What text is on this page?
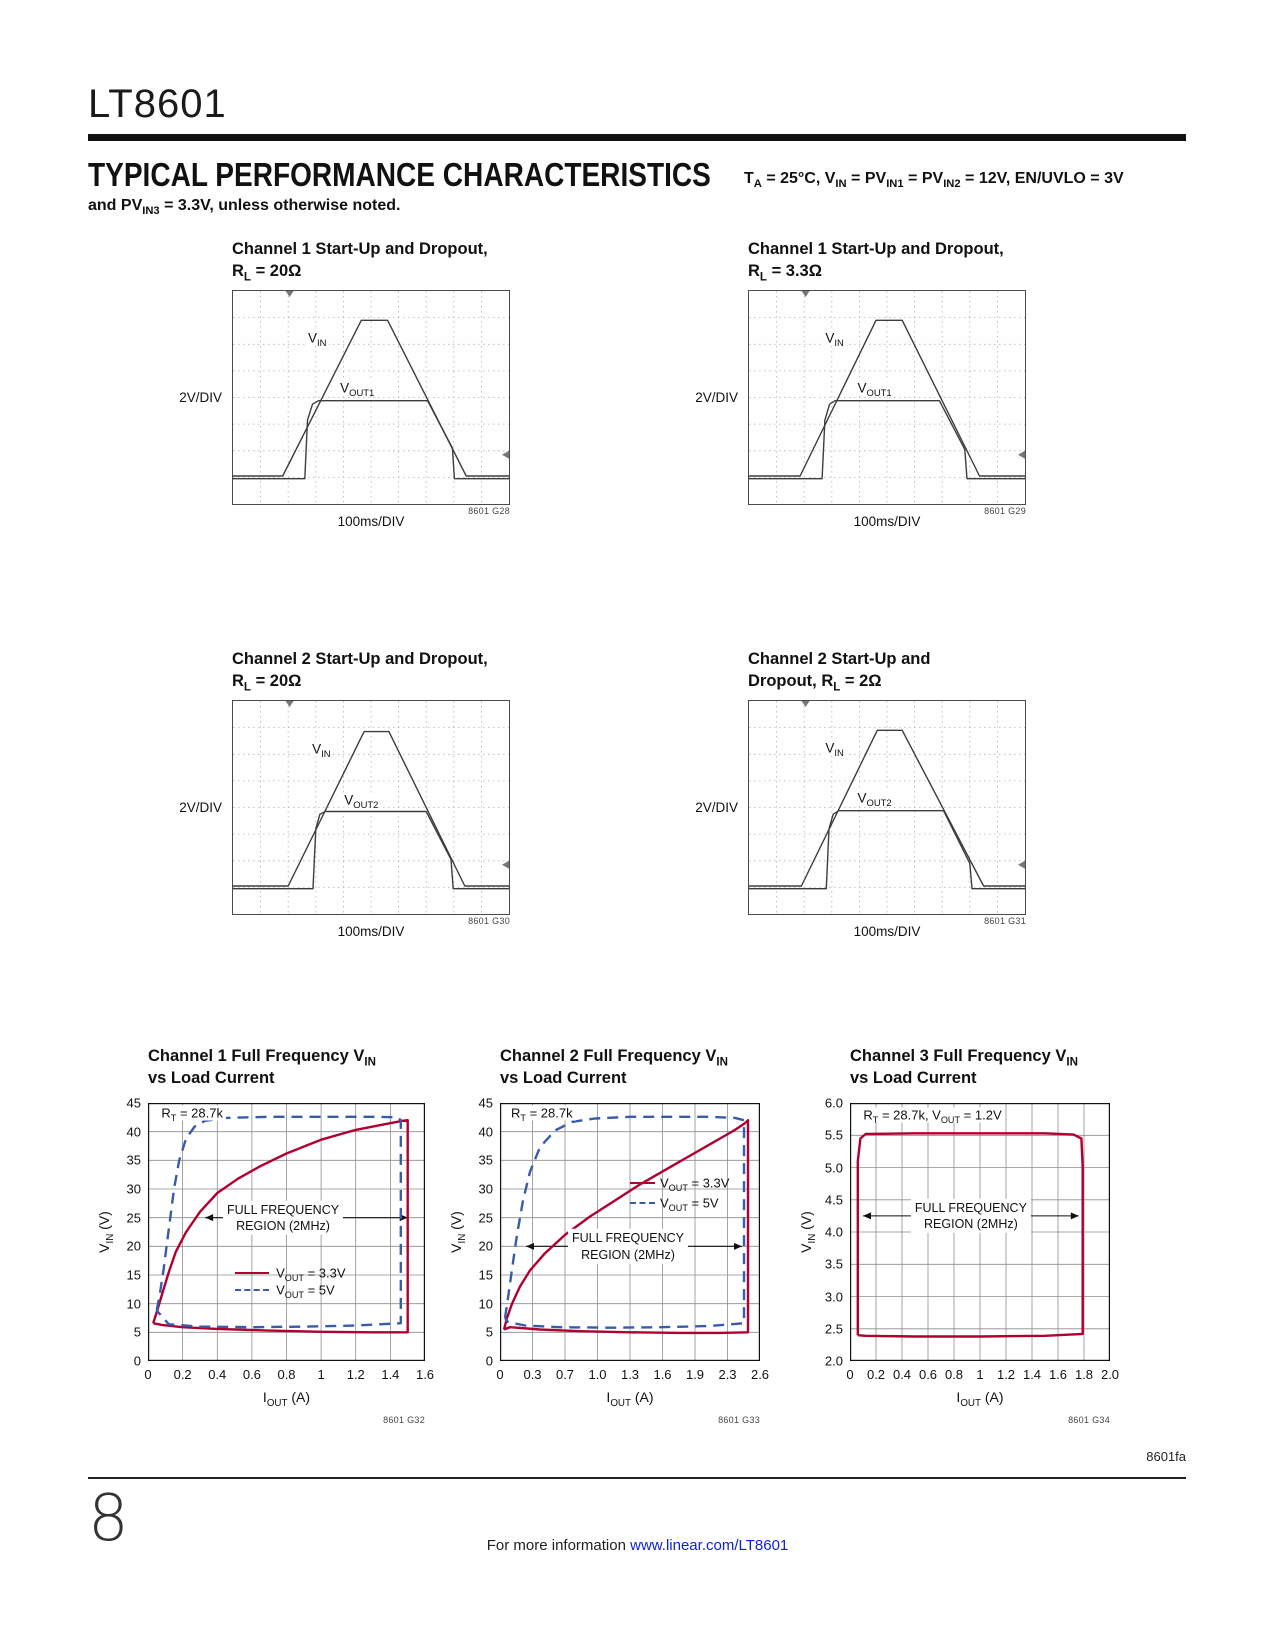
LT8601
TYPICAL PERFORMANCE CHARACTERISTICS $T_A = 25^\circ C$, $V_{IN} = PV_{IN1} = PV_{IN2} = 12V$, EN/UVLO = 3V
and $PV_{IN3} = 3.3V$, unless otherwise noted.
Channel 1 Start-Up and Dropout,
$R_L = 20\Omega$
$V_{IN}$
$V_{OUT1}$
2V/DIV
8601 G28
100ms/DIV
Channel 1 Start-Up and Dropout,
$R_L = 3.3\Omega$
$V_{IN}$
$V_{OUT1}$
2V/DIV
8601 G29
100ms/DIV
Channel 2 Start-Up and Dropout,
$R_L = 20\Omega$
$V_{IN}$
$V_{OUT2}$
2V/DIV
8601 G30
100ms/DIV
Channel 2 Start-Up and
Dropout, $R_L = 2\Omega$
$V_{IN}$
$V_{OUT2}$
2V/DIV
8601 G31
100ms/DIV
Channel 1 Full Frequency $V_{IN}$
vs Load Current
$V_{IN}$ (V)
0 0.2 0.4 0.6 0.8 1 1.2 1.4 1.6
0
5
10
15
20
25
30
35
40
45
$R_T = 28.7k$
FULL FREQUENCY
REGION (2MHz)
$V_{OUT} = 3.3V$
$V_{OUT} = 5V$
$I_{OUT}$ (A)
8601 G32
Channel 2 Full Frequency $V_{IN}$
vs Load Current
$V_{IN}$ (V)
0 0.3 0.7 1.0 1.3 1.6 1.9 2.3 2.6
0
5
10
15
20
25
30
35
40
45
$R_T = 28.7k$
FULL FREQUENCY
REGION (2MHz)
$V_{OUT} = 3.3V$
$V_{OUT} = 5V$
$I_{OUT}$ (A)
8601 G33
Channel 3 Full Frequency $V_{IN}$
vs Load Current
$V_{IN}$ (V)
0 0.2 0.4 0.6 0.8 1 1.2 1.4 1.6 1.8 2.0
2.0
2.5
3.0
3.5
4.0
4.5
5.0
5.5
6.0
$R_T = 28.7k$, $V_{OUT} = 1.2V$
FULL FREQUENCY
REGION (2MHz)
$I_{OUT}$ (A)
8601 G34
8601fa
8	For more information www.linear.com/LT8601
